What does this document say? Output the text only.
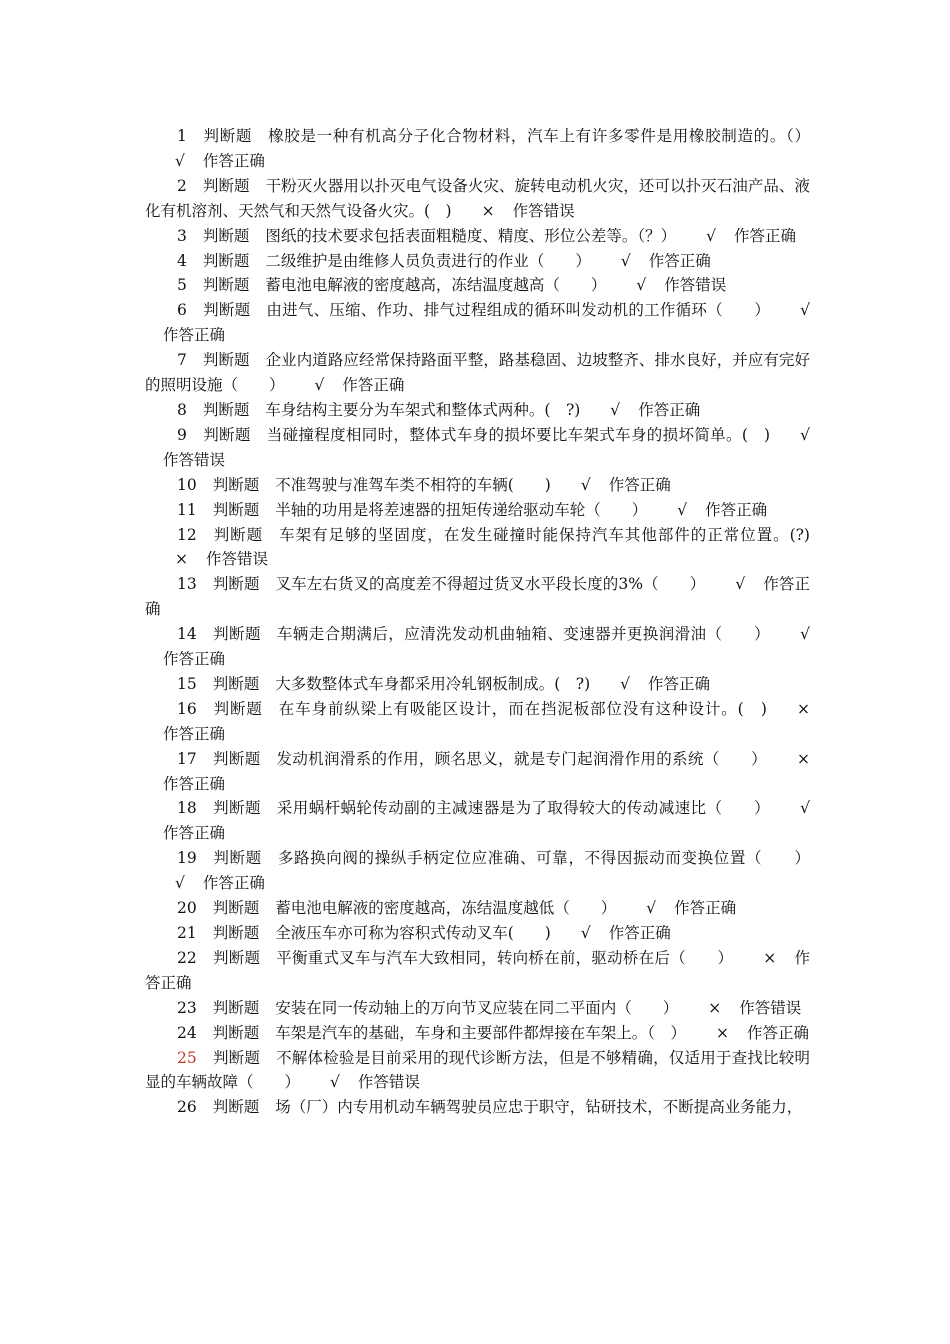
1 判断题 橡胶是一种有机高分子化合物材料，汽车上有许多零件是用橡胶制造的。（）√ 作答正确

2 判断题 干粉灭火器用以扑灭电气设备火灾、旋转电动机火灾，还可以扑灭石油产品、液化有机溶剂、天然气和天然气设备火灾。(　) × 作答错误

3 判断题 图纸的技术要求包括表面粗糙度、精度、形位公差等。（？） √ 作答正确

4 判断题 二级维护是由维修人员负责进行的作业（　　） √ 作答正确

5 判断题 蓄电池电解液的密度越高，冻结温度越高（　　） √ 作答错误

6 判断题 由进气、压缩、作功、排气过程组成的循环叫发动机的工作循环（　　） √作答正确

7 判断题 企业内道路应经常保持路面平整，路基稳固、边坡整齐、排水良好，并应有完好的照明设施（　　） √ 作答正确

8 判断题 车身结构主要分为车架式和整体式两种。(　?) √ 作答正确

9 判断题 当碰撞程度相同时，整体式车身的损坏要比车架式车身的损坏简单。(　) √作答错误

10 判断题 不准驾驶与准驾车类不相符的车辆(　　) √ 作答正确

11 判断题 半轴的功用是将差速器的扭矩传递给驱动车轮（　　） √ 作答正确

12 判断题 车架有足够的坚固度，在发生碰撞时能保持汽车其他部件的正常位置。(?)× 作答错误

13 判断题 叉车左右货叉的高度差不得超过货叉水平段长度的3%（　　） √ 作答正确

14 判断题 车辆走合期满后，应清洗发动机曲轴箱、变速器并更换润滑油（　　） √作答正确

15 判断题 大多数整体式车身都采用冷轧钢板制成。(　?) √ 作答正确

16 判断题 在车身前纵梁上有吸能区设计，而在挡泥板部位没有这种设计。(　) ×作答正确

17 判断题 发动机润滑系的作用，顾名思义，就是专门起润滑作用的系统（　　） ×作答正确

18 判断题 采用蜗杆蜗轮传动副的主减速器是为了取得较大的传动减速比（　　） √作答正确

19 判断题 多路换向阀的操纵手柄定位应准确、可靠，不得因振动而变换位置（　　）√ 作答正确

20 判断题 蓄电池电解液的密度越高，冻结温度越低（　　） √ 作答正确

21 判断题 全液压车亦可称为容积式传动叉车(　　) √ 作答正确

22 判断题 平衡重式叉车与汽车大致相同，转向桥在前，驱动桥在后（　　） × 作答正确

23 判断题 安装在同一传动轴上的万向节叉应装在同二平面内（　　） × 作答错误

24 判断题 车架是汽车的基础，车身和主要部件都焊接在车架上。（　） × 作答正确

25 判断题 不解体检验是目前采用的现代诊断方法，但是不够精确，仅适用于查找比较明显的车辆故障（　　） √ 作答错误

26 判断题 场（厂）内专用机动车辆驾驶员应忠于职守，钻研技术，不断提高业务能力，
